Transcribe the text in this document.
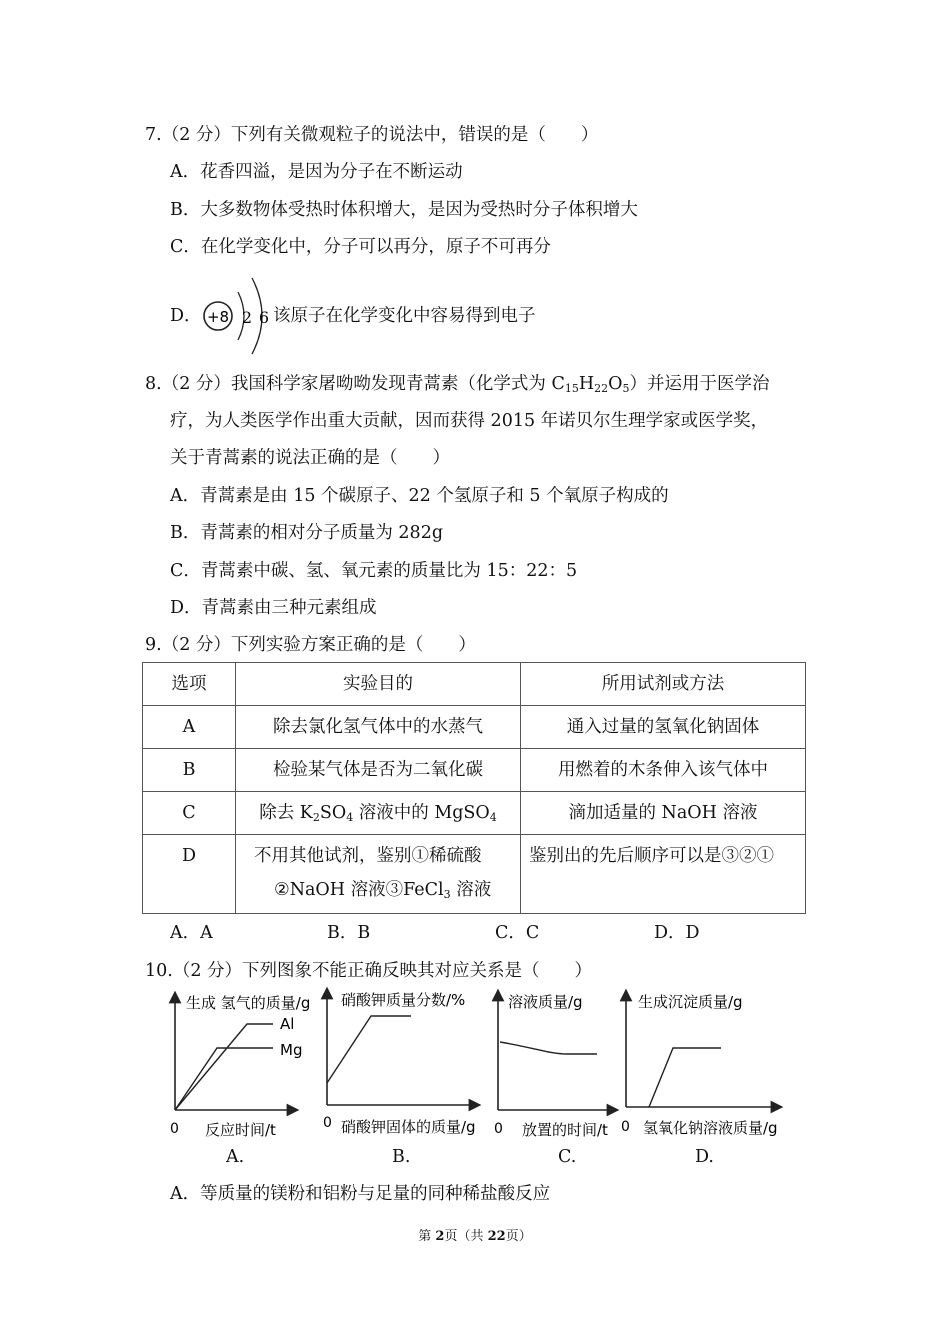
7.（2 分）下列有关微观粒子的说法中，错误的是（　　）
A．花香四溢，是因为分子在不断运动
B．大多数物体受热时体积增大，是因为受热时分子体积增大
C．在化学变化中，分子可以再分，原子不可再分
D． +8 2 6 该原子在化学变化中容易得到电子
8.（2 分）我国科学家屠呦呦发现青蒿素（化学式为 $C_{15}H_{22}O_5$）并运用于医学治
疗，为人类医学作出重大贡献，因而获得 2015 年诺贝尔生理学家或医学奖，
关于青蒿素的说法正确的是（　　）
A．青蒿素是由 15 个碳原子、22 个氢原子和 5 个氧原子构成的
B．青蒿素的相对分子质量为 282g
C．青蒿素中碳、氢、氧元素的质量比为 15：22：5
D．青蒿素由三种元素组成
9.（2 分）下列实验方案正确的是（　　）
选项	实验目的	所用试剂或方法
A	除去氯化氢气体中的水蒸气	通入过量的氢氧化钠固体
B	检验某气体是否为二氧化碳	用燃着的木条伸入该气体中
C	除去 $K_2SO_4$ 溶液中的 MgSO$_4$	滴加适量的 NaOH 溶液

D	不用其他试剂，鉴别①稀硫酸
②NaOH 溶液③FeCl$_3$ 溶液	鉴别出的先后顺序可以是③②①
A．A	B．B	C．C	D．D
10.（2 分）下列图象不能正确反映其对应关系是（　　）
生成 氢气的质量/g
反应时间/t
0
Al
Mg
硝酸钾质量分数/%
硝酸钾固体的质量/g
0
溶液质量/g
放置的时间/t
0
生成沉淀质量/g
氢氧化钠溶液质量/g
0
A.	B.	C.	D.
A．等质量的镁粉和铝粉与足量的同种稀盐酸反应
第 2页（共 22页）
